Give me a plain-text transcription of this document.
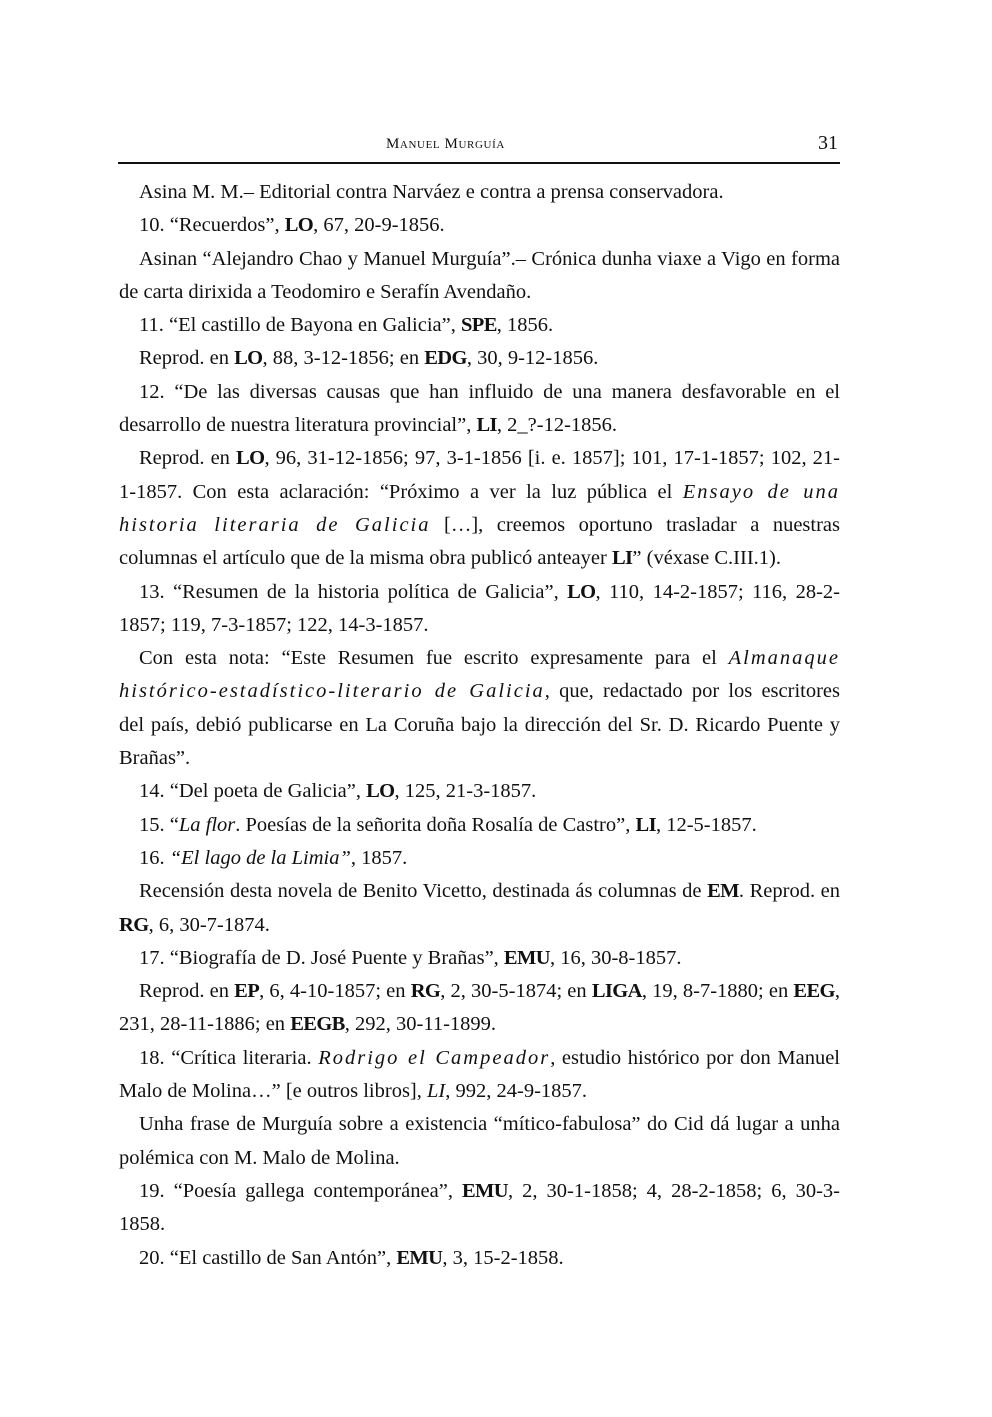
Manuel Murguía	31

Asina M. M.– Editorial contra Narváez e contra a prensa conservadora.

10. “Recuerdos”, LO, 67, 20-9-1856.

Asinan “Alejandro Chao y Manuel Murguía”.– Crónica dunha viaxe a Vigo en forma de carta dirixida a Teodomiro e Serafín Avendaño.

11. “El castillo de Bayona en Galicia”, SPE, 1856.

Reprod. en LO, 88, 3-12-1856; en EDG, 30, 9-12-1856.

12. “De las diversas causas que han influido de una manera desfavorable en el desarrollo de nuestra literatura provincial”, LI, 2_?-12-1856.

Reprod. en LO, 96, 31-12-1856; 97, 3-1-1856 [i. e. 1857]; 101, 17-1-1857; 102, 21-1-1857. Con esta aclaración: “Próximo a ver la luz pública el Ensayo de una historia literaria de Galicia […], creemos oportuno trasladar a nuestras columnas el artículo que de la misma obra publicó anteayer LI” (véxase C.III.1).

13. “Resumen de la historia política de Galicia”, LO, 110, 14-2-1857; 116, 28-2-1857; 119, 7-3-1857; 122, 14-3-1857.

Con esta nota: “Este Resumen fue escrito expresamente para el Almanaque histórico-estadístico-literario de Galicia, que, redactado por los escritores del país, debió publicarse en La Coruña bajo la dirección del Sr. D. Ricardo Puente y Brañas”.

14. “Del poeta de Galicia”, LO, 125, 21-3-1857.

15. “La flor. Poesías de la señorita doña Rosalía de Castro”, LI, 12-5-1857.

16. “El lago de la Limia”, 1857.

Recensión desta novela de Benito Vicetto, destinada ás columnas de EM. Reprod. en RG, 6, 30-7-1874.

17. “Biografía de D. José Puente y Brañas”, EMU, 16, 30-8-1857.

Reprod. en EP, 6, 4-10-1857; en RG, 2, 30-5-1874; en LIGA, 19, 8-7-1880; en EEG, 231, 28-11-1886; en EEGB, 292, 30-11-1899.

18. “Crítica literaria. Rodrigo el Campeador, estudio histórico por don Manuel Malo de Molina…” [e outros libros], LI, 992, 24-9-1857.

Unha frase de Murguía sobre a existencia “mítico-fabulosa” do Cid dá lugar a unha polémica con M. Malo de Molina.

19. “Poesía gallega contemporánea”, EMU, 2, 30-1-1858; 4, 28-2-1858; 6, 30-3-1858.

20. “El castillo de San Antón”, EMU, 3, 15-2-1858.
